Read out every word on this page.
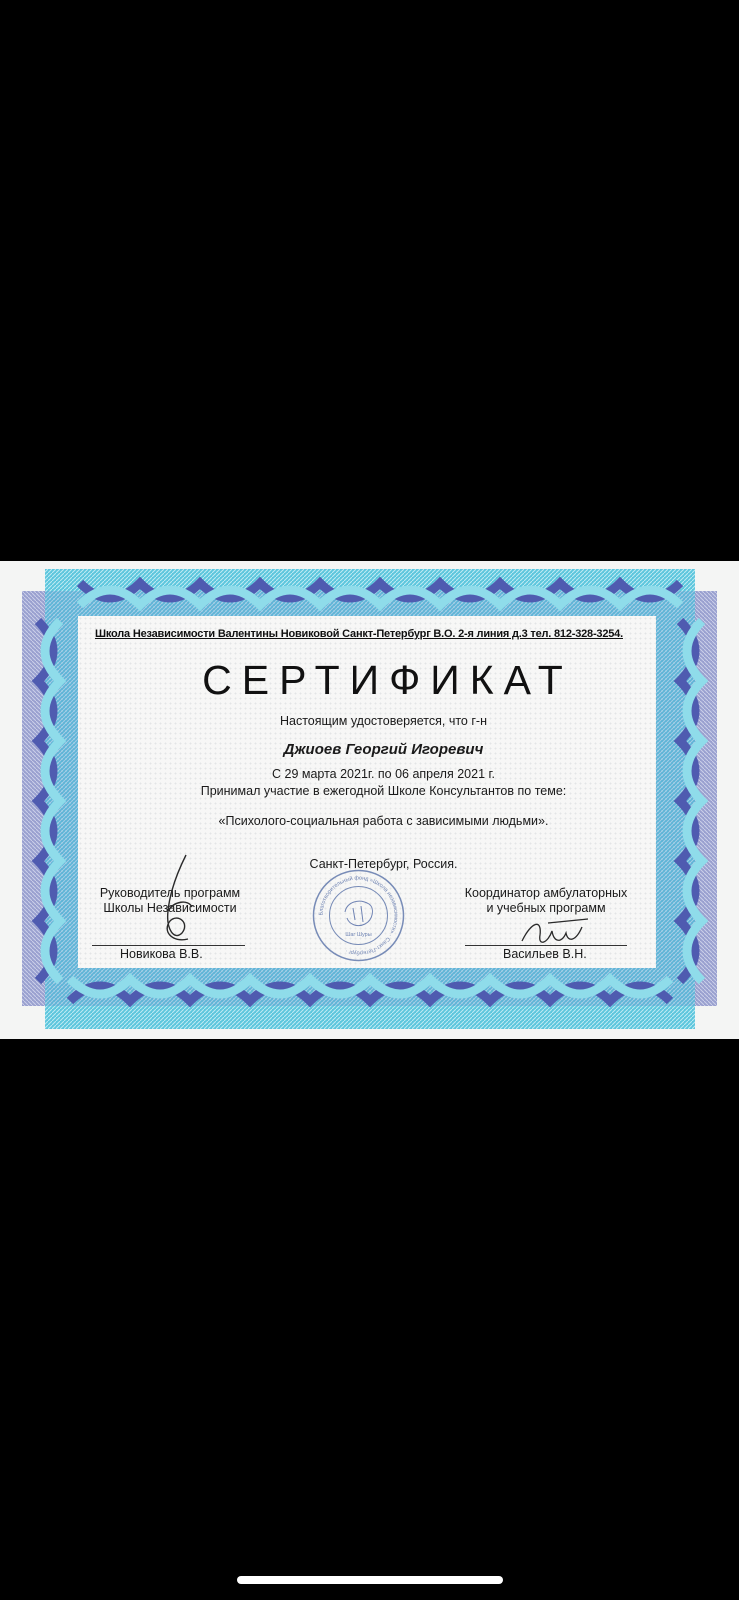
Школа Независимости Валентины Новиковой Санкт-Петербург В.О. 2-я линия д.3 тел. 812-328-3254.
СЕРТИФИКАТ
Настоящим удостоверяется, что г-н
Джиоев Георгий Игоревич
С 29 марта 2021г. по 06 апреля 2021 г.
Принимал участие в ежегодной Школе Консультантов по теме:
«Психолого-социальная работа с зависимыми людьми».
Санкт-Петербург, Россия.
Руководитель программ
Школы Независимости
Новикова В.В.
Координатор амбулаторных
и учебных программ
Васильев В.Н.
Благотворительный фонд «Школа независимости» · Санкт-Петербург ·
Шаг Шуры
